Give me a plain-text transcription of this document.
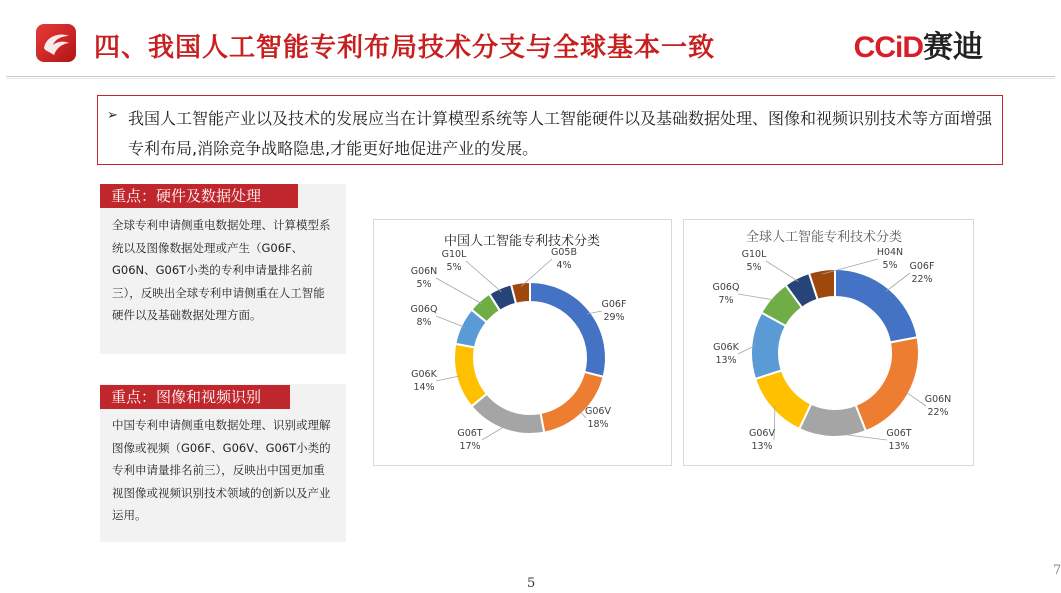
四、我国人工智能专利布局技术分支与全球基本一致	CCiD赛迪
➢ 我国人工智能产业以及技术的发展应当在计算模型系统等人工智能硬件以及基础数据处理、图像和视频识别技术等方面增强专利布局,消除竞争战略隐患,才能更好地促进产业的发展。
全球专利申请侧重电数据处理、计算模型系统以及图像数据处理或产生（G06F、G06N、G06T小类的专利申请量排名前三），反映出全球专利申请侧重在人工智能硬件以及基础数据处理方面。
重点：硬件及数据处理
中国专利申请侧重电数据处理、识别或理解图像或视频（G06F、G06V、G06T小类的专利申请量排名前三），反映出中国更加重视图像或视频识别技术领域的创新以及产业运用。
重点：图像和视频识别
中国人工智能专利技术分类
G06F
29%
G06V
18%
G06T
17%
G06K
14%
G06Q
8%
G06N
5%
G10L
5%
G05B
4%
全球人工智能专利技术分类
G06F
22%
G06N
22%
G06T
13%
G06V
13%
G06K
13%
G06Q
7%
G10L
5%
H04N
5%
5
7
